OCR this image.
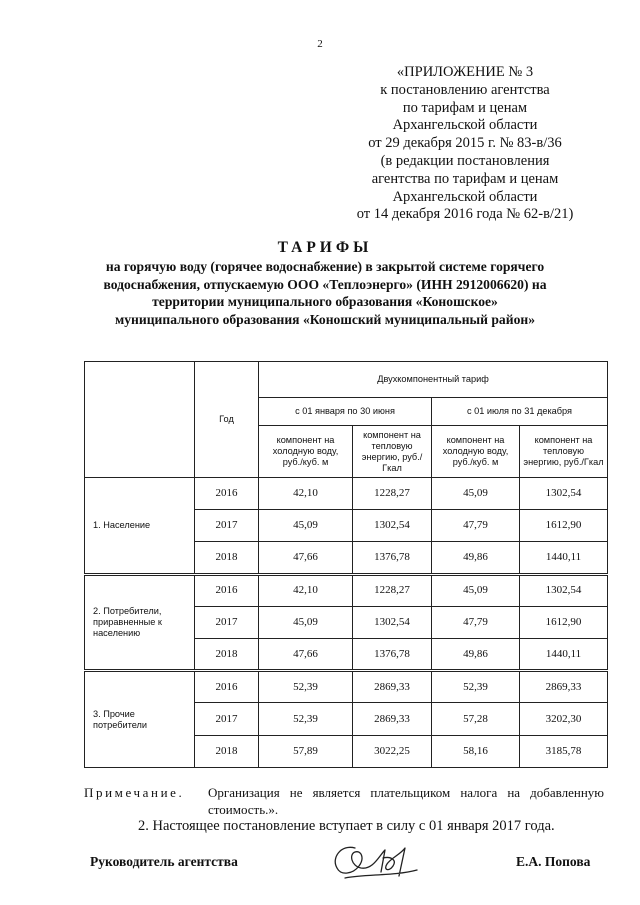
2
«ПРИЛОЖЕНИЕ № 3
к постановлению агентства
по тарифам и ценам
Архангельской области
от 29 декабря 2015 г. № 83-в/36
(в редакции постановления
агентства по тарифам и ценам
Архангельской области
от 14 декабря 2016 года № 62-в/21)
ТАРИФЫ
на горячую воду (горячее водоснабжение) в закрытой системе горячего
водоснабжения, отпускаемую ООО «Теплоэнерго» (ИНН 2912006620) на
территории муниципального образования «Коношское»
муниципального образования «Коношский муниципальный район»
	Год	Двухкомпонентный тариф			
		с 01 января по 30 июня		с 01 июля по 31 декабря	
		компонент на холодную воду, руб./куб. м	компонент на тепловую энергию, руб./Гкал	компонент на холодную воду, руб./куб. м	компонент на тепловую энергию, руб./Гкал
1. Население	2016	42,10	1228,27	45,09	1302,54
	2017	45,09	1302,54	47,79	1612,90
	2018	47,66	1376,78	49,86	1440,11
2. Потребители, приравненные к населению	2016	42,10	1228,27	45,09	1302,54
	2017	45,09	1302,54	47,79	1612,90
	2018	47,66	1376,78	49,86	1440,11
3. Прочие потребители	2016	52,39	2869,33	52,39	2869,33
	2017	52,39	2869,33	57,28	3202,30
	2018	57,89	3022,25	58,16	3185,78
Примечание. Организация не является плательщиком налога на добавленную стоимость.».
2. Настоящее постановление вступает в силу с 01 января 2017 года.
Руководитель агентства	Е.А. Попова
